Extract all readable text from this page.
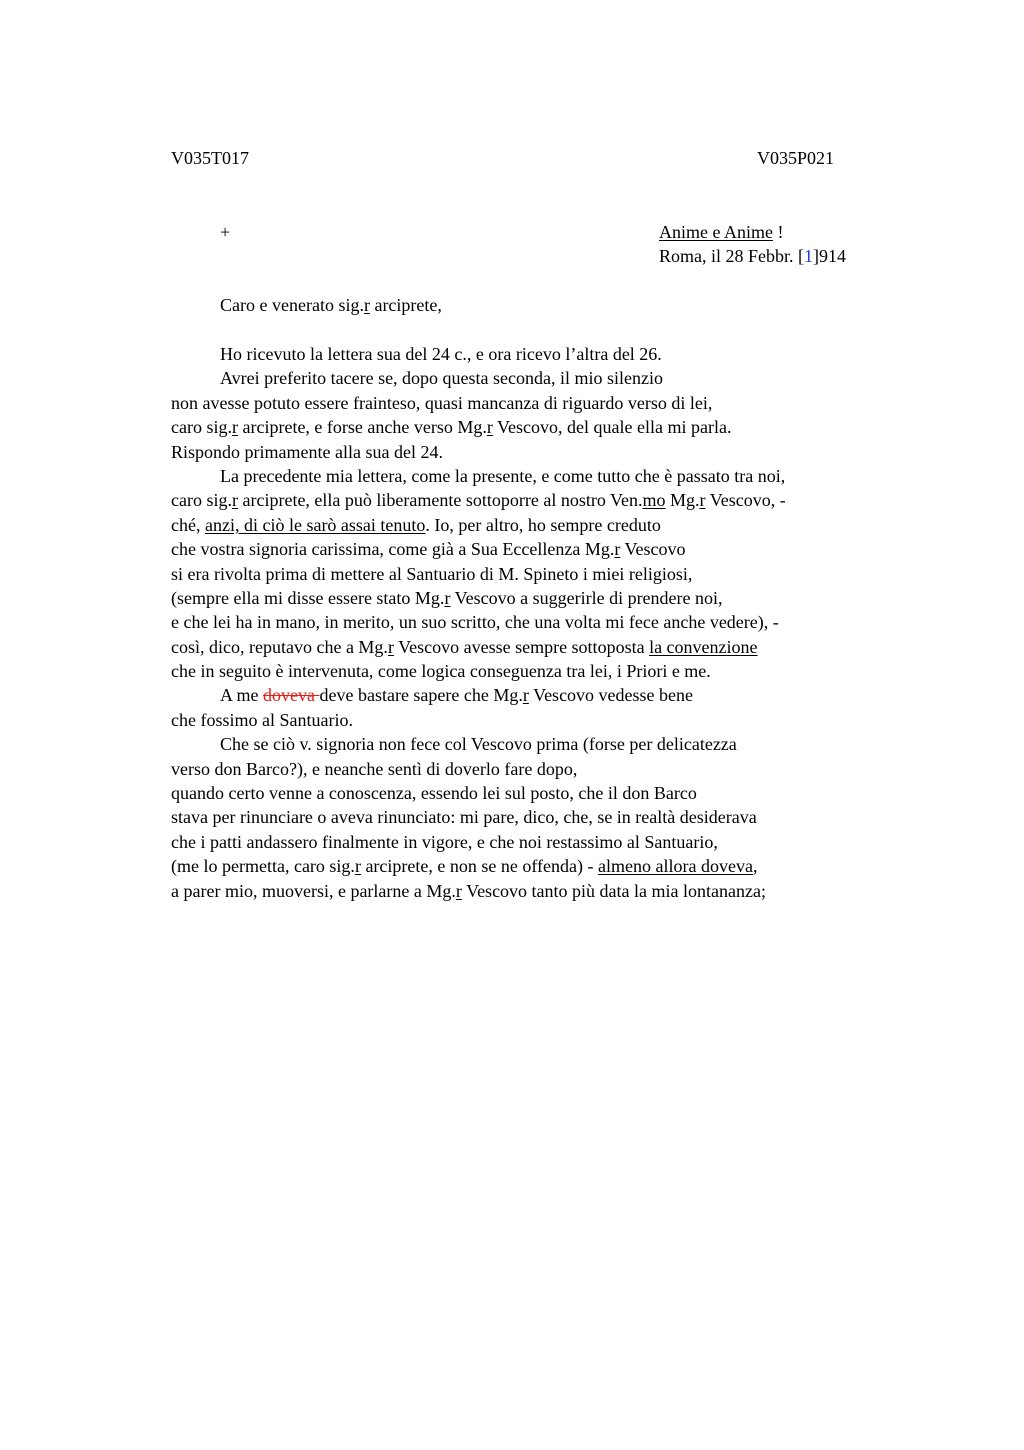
V035T017	V035P021
+	Anime e Anime !
Roma, il 28 Febbr. [1]914
Caro e venerato sig.r arciprete,
Ho ricevuto la lettera sua del 24 c., e ora ricevo l’altra del 26.
Avrei preferito tacere se, dopo questa seconda, il mio silenzio
non avesse potuto essere frainteso, quasi mancanza di riguardo verso di lei,
caro sig.r arciprete, e forse anche verso Mg.r Vescovo, del quale ella mi parla.
Rispondo primamente alla sua del 24.
La precedente mia lettera, come la presente, e come tutto che è passato tra noi,
caro sig.r arciprete, ella può liberamente sottoporre al nostro Ven.mo Mg.r Vescovo, -
ché, anzi, di ciò le sarò assai tenuto. Io, per altro, ho sempre creduto
che vostra signoria carissima, come già a Sua Eccellenza Mg.r Vescovo
si era rivolta prima di mettere al Santuario di M. Spineto i miei religiosi,
(sempre ella mi disse essere stato Mg.r Vescovo a suggerirle di prendere noi,
e che lei ha in mano, in merito, un suo scritto, che una volta mi fece anche vedere), -
così, dico, reputavo che a Mg.r Vescovo avesse sempre sottoposta la convenzione
che in seguito è intervenuta, come logica conseguenza tra lei, i Priori e me.
A me doveva deve bastare sapere che Mg.r Vescovo vedesse bene
che fossimo al Santuario.
Che se ciò v. signoria non fece col Vescovo prima (forse per delicatezza
verso don Barco?), e neanche sentì di doverlo fare dopo,
quando certo venne a conoscenza, essendo lei sul posto, che il don Barco
stava per rinunciare o aveva rinunciato: mi pare, dico, che, se in realtà desiderava
che i patti andassero finalmente in vigore, e che noi restassimo al Santuario,
(me lo permetta, caro sig.r arciprete, e non se ne offenda) - almeno allora doveva,
a parer mio, muoversi, e parlarne a Mg.r Vescovo tanto più data la mia lontananza;
